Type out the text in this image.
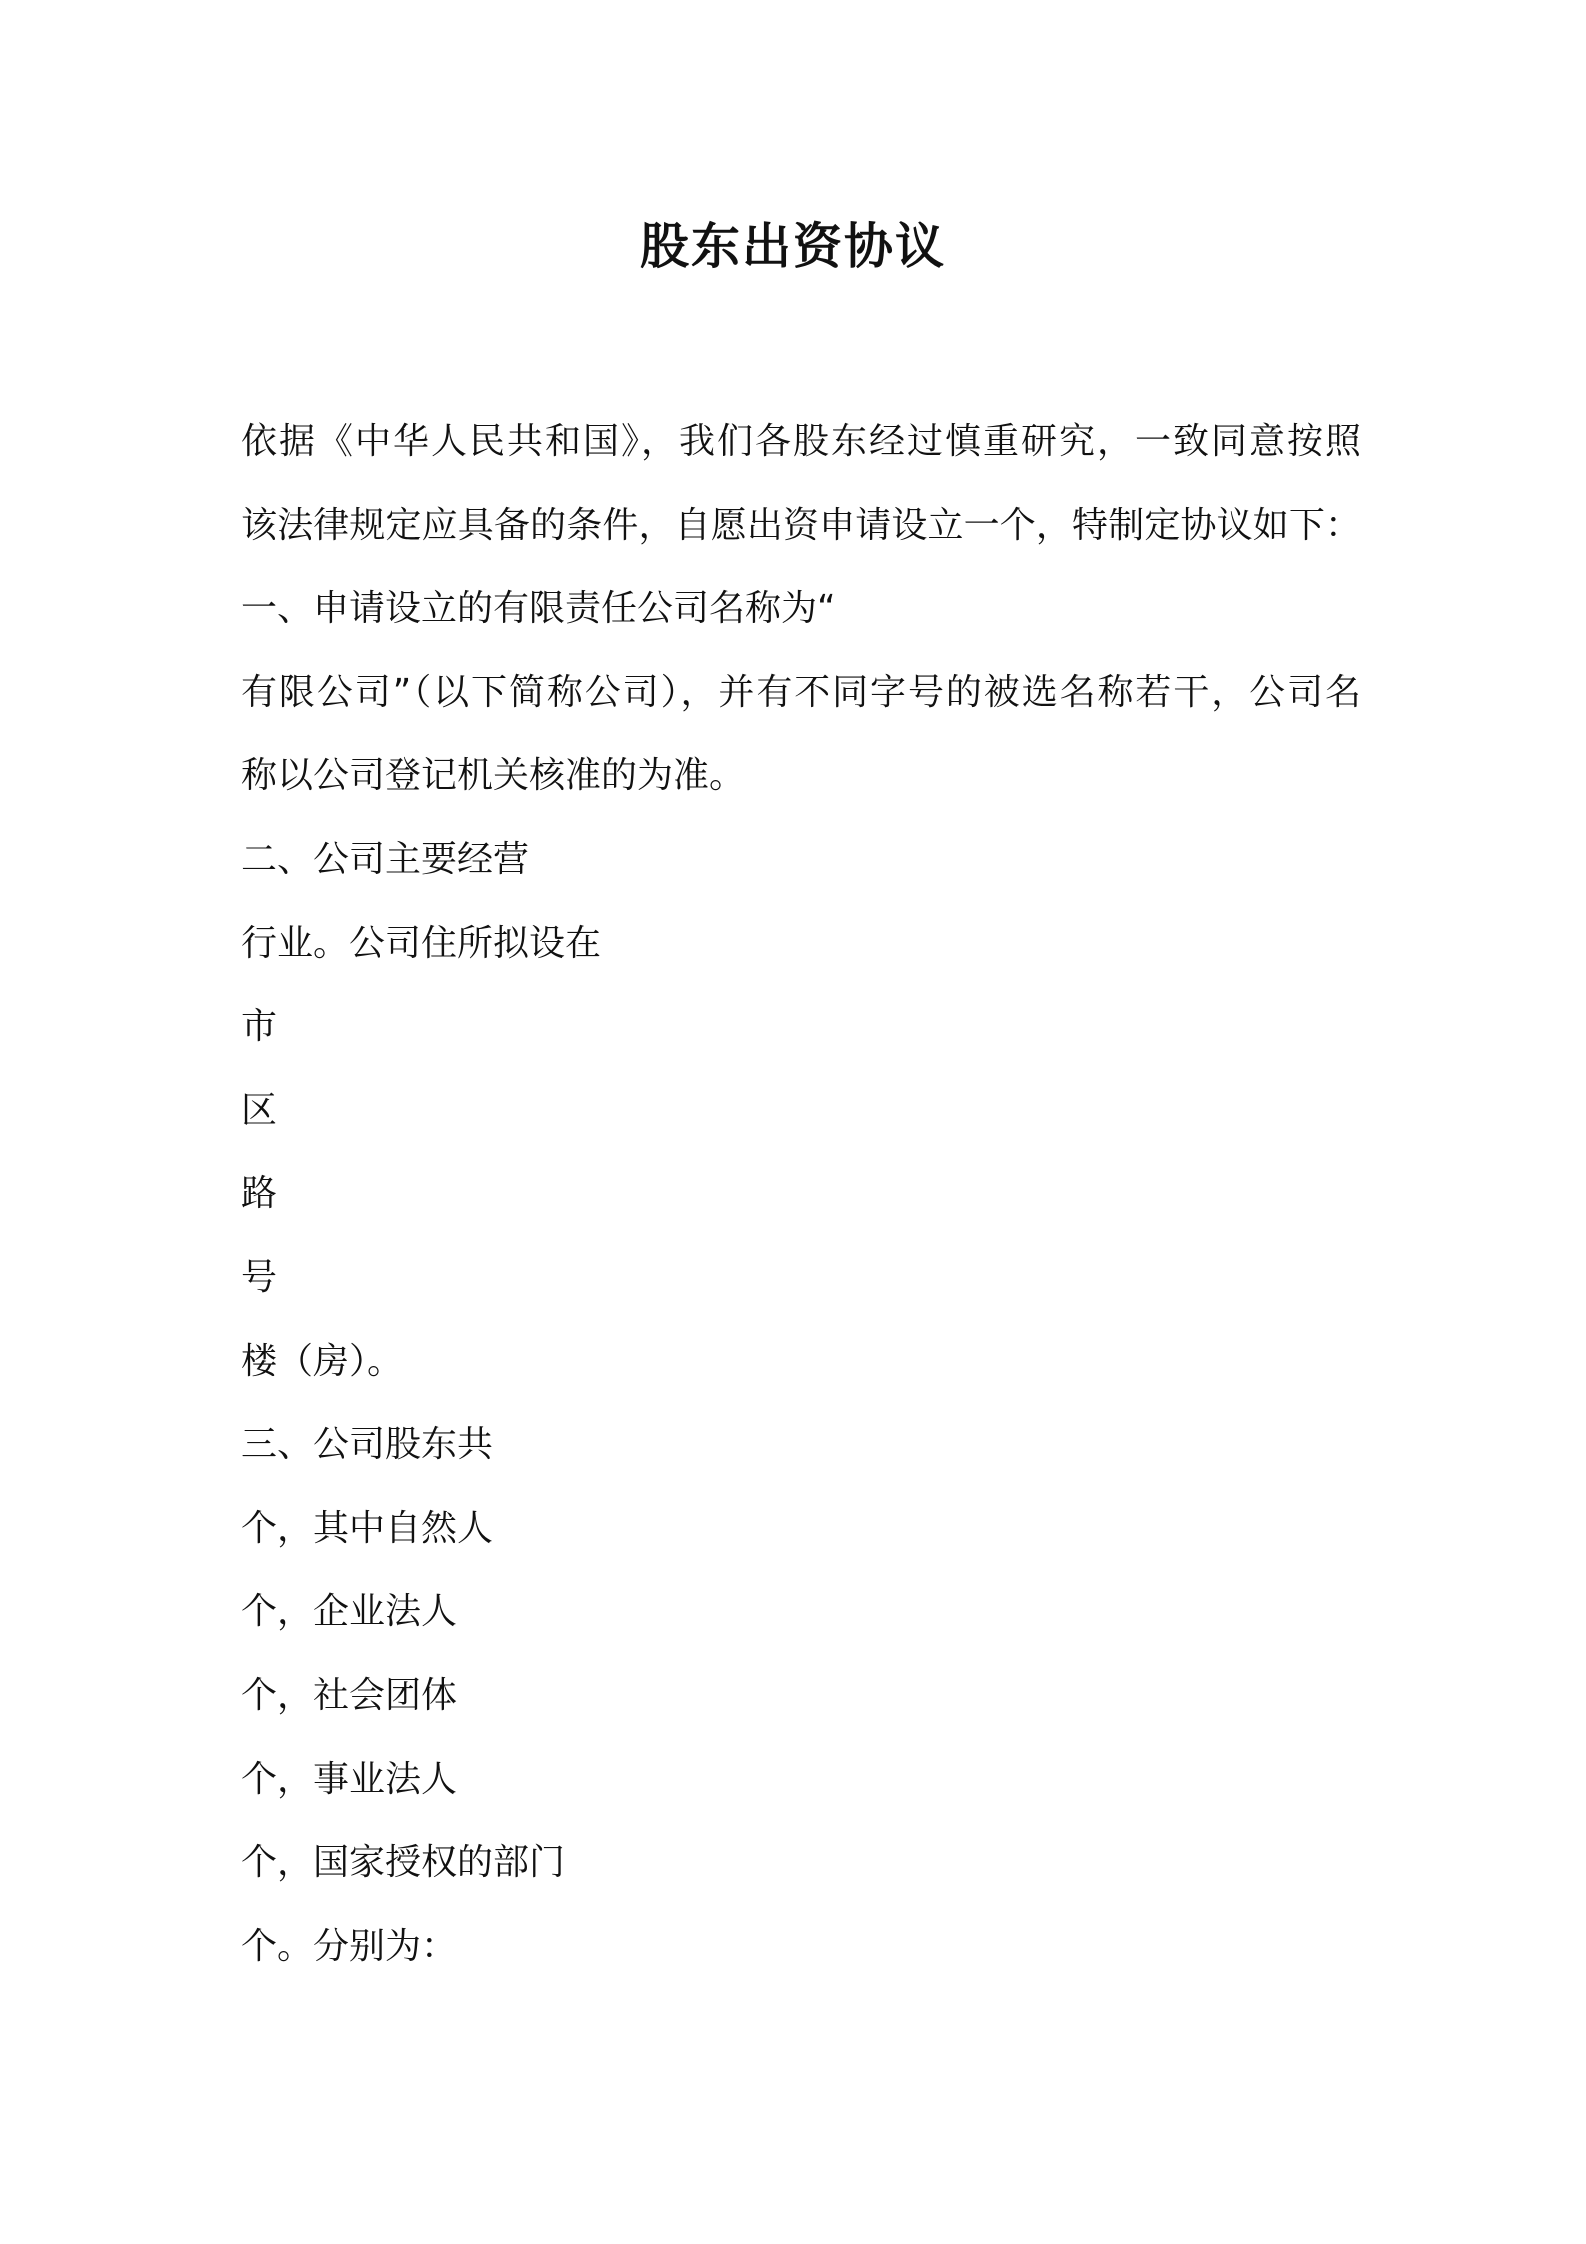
股东出资协议
依据《中华人民共和国》，我们各股东经过慎重研究，一致同意按照
该法律规定应具备的条件，自愿出资申请设立一个，特制定协议如下：
一、申请设立的有限责任公司名称为“
有限公司”（以下简称公司），并有不同字号的被选名称若干，公司名
称以公司登记机关核准的为准。
二、公司主要经营
行业。公司住所拟设在
市
区
路
号
楼（房）。
三、公司股东共
个，其中自然人
个，企业法人
个，社会团体
个，事业法人
个，国家授权的部门
个。分别为：
